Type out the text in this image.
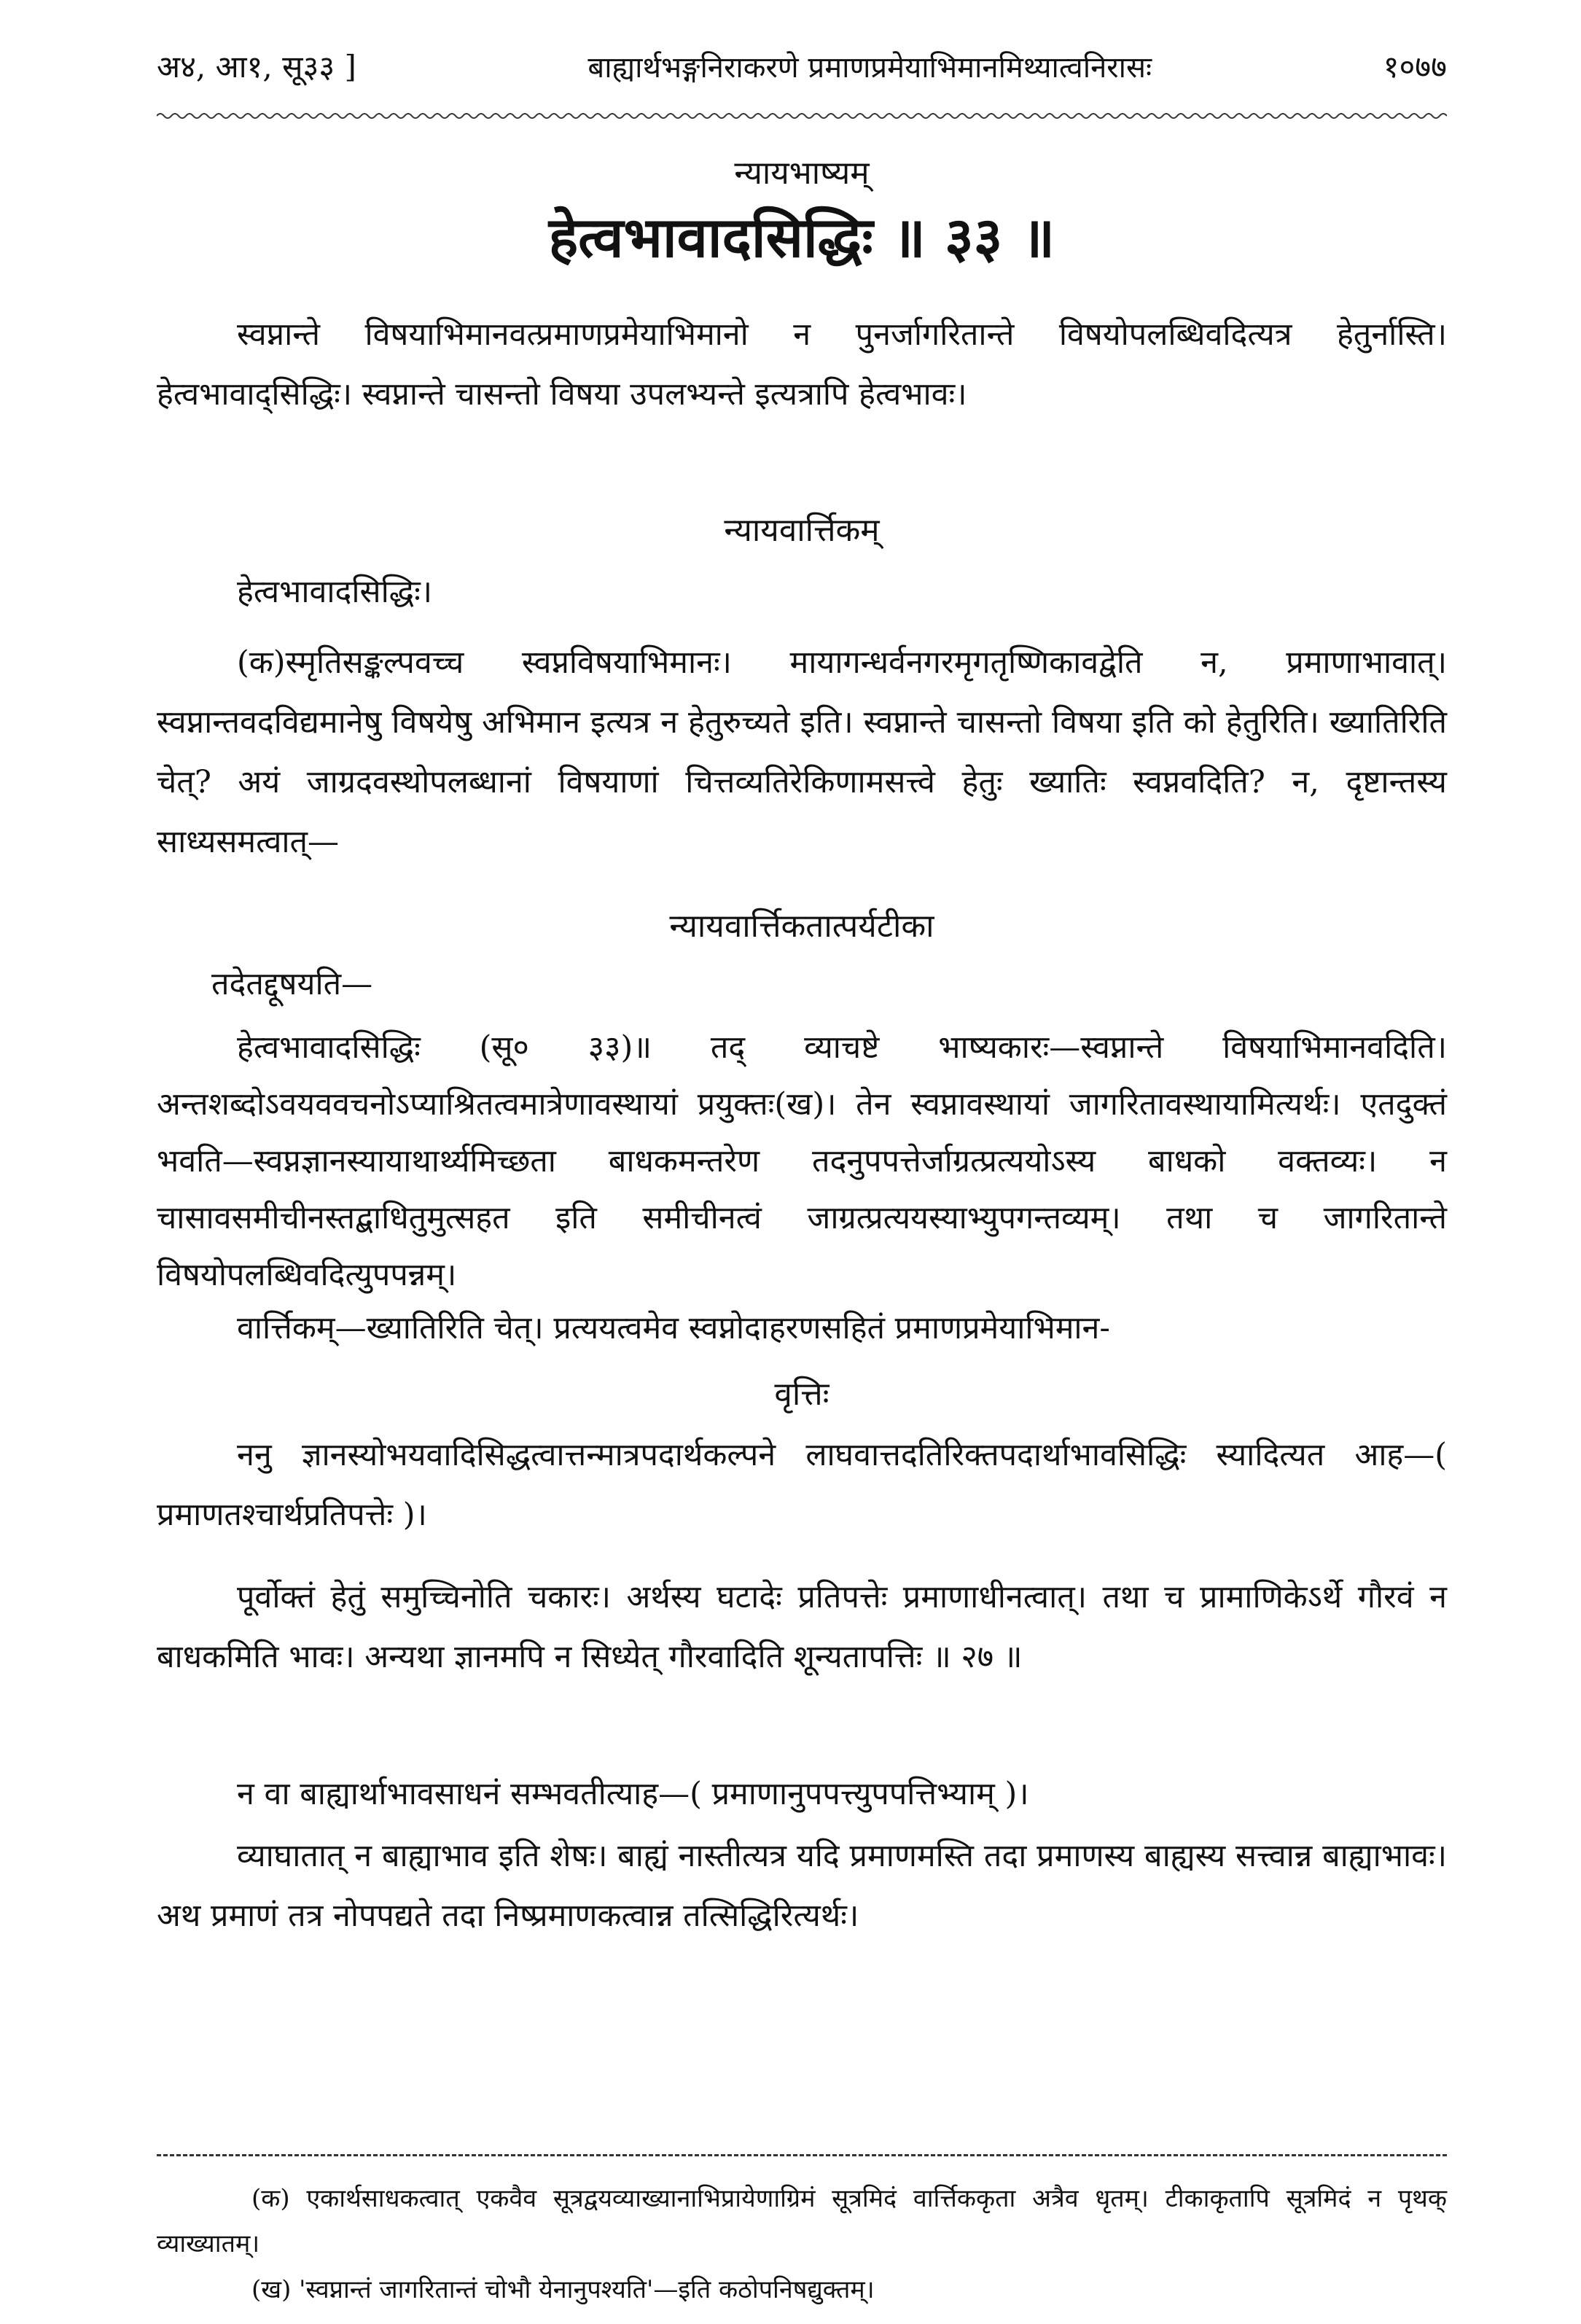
अ४, आ१, सू३३ ]	बाह्यार्थभङ्गनिराकरणे प्रमाणप्रमेयाभिमानमिथ्यात्वनिरासः	१०७७
न्यायभाष्यम्
हेत्वभावादसिद्धिः ॥ ३३ ॥
स्वप्नान्ते विषयाभिमानवत्प्रमाणप्रमेयाभिमानो न पुनर्जागरितान्ते विषयोपलब्धिवदित्यत्र हेतुर्नास्ति। हेत्वभावाद्सिद्धिः। स्वप्नान्ते चासन्तो विषया उपलभ्यन्ते इत्यत्रापि हेत्वभावः।
न्यायवार्त्तिकम्
हेत्वभावादसिद्धिः।
(क)स्मृतिसङ्कल्पवच्च स्वप्नविषयाभिमानः। मायागन्धर्वनगरमृगतृष्णिकावद्वेति न, प्रमाणाभावात्। स्वप्नान्तवदविद्यमानेषु विषयेषु अभिमान इत्यत्र न हेतुरुच्यते इति। स्वप्नान्ते चासन्तो विषया इति को हेतुरिति। ख्यातिरिति चेत्? अयं जाग्रदवस्थोपलब्धानां विषयाणां चित्तव्यतिरेकिणामसत्त्वे हेतुः ख्यातिः स्वप्नवदिति? न, दृष्टान्तस्य साध्यसमत्वात्—
न्यायवार्त्तिकतात्पर्यटीका
तदेतद्दूषयति—
हेत्वभावादसिद्धिः (सू० ३३)॥ तद् व्याचष्टे भाष्यकारः—स्वप्नान्ते विषयाभिमानवदिति। अन्तशब्दोऽवयववचनोऽप्याश्रितत्वमात्रेणावस्थायां प्रयुक्तः(ख)। तेन स्वप्नावस्थायां जागरितावस्थायामित्यर्थः। एतदुक्तं भवति—स्वप्नज्ञानस्यायाथार्थ्यमिच्छता बाधकमन्तरेण तदनुपपत्तेर्जाग्रत्प्रत्ययोऽस्य बाधको वक्तव्यः। न चासावसमीचीनस्तद्बाधितुमुत्सहत इति समीचीनत्वं जाग्रत्प्रत्ययस्याभ्युपगन्तव्यम्। तथा च जागरितान्ते विषयोपलब्धिवदित्युपपन्नम्।
वार्त्तिकम्—ख्यातिरिति चेत्। प्रत्ययत्वमेव स्वप्नोदाहरणसहितं प्रमाणप्रमेयाभिमान-
वृत्तिः
ननु ज्ञानस्योभयवादिसिद्धत्वात्तन्मात्रपदार्थकल्पने लाघवात्तदतिरिक्तपदार्थाभावसिद्धिः स्यादित्यत आह—( प्रमाणतश्चार्थप्रतिपत्तेः )।
पूर्वोक्तं हेतुं समुच्चिनोति चकारः। अर्थस्य घटादेः प्रतिपत्तेः प्रमाणाधीनत्वात्। तथा च प्रामाणिकेऽर्थे गौरवं न बाधकमिति भावः। अन्यथा ज्ञानमपि न सिध्येत् गौरवादिति शून्यतापत्तिः ॥ २७ ॥
न वा बाह्यार्थाभावसाधनं सम्भवतीत्याह—( प्रमाणानुपपत्त्युपपत्तिभ्याम् )।
व्याघातात् न बाह्याभाव इति शेषः। बाह्यं नास्तीत्यत्र यदि प्रमाणमस्ति तदा प्रमाणस्य बाह्यस्य सत्त्वान्न बाह्याभावः। अथ प्रमाणं तत्र नोपपद्यते तदा निष्प्रमाणकत्वान्न तत्सिद्धिरित्यर्थः।
(क) एकार्थसाधकत्वात् एकवैव सूत्रद्वयव्याख्यानाभिप्रायेणाग्रिमं सूत्रमिदं वार्त्तिककृता अत्रैव धृतम्। टीकाकृतापि सूत्रमिदं न पृथक् व्याख्यातम्।
(ख) 'स्वप्नान्तं जागरितान्तं चोभौ येनानुपश्यति'—इति कठोपनिषद्युक्तम्।
